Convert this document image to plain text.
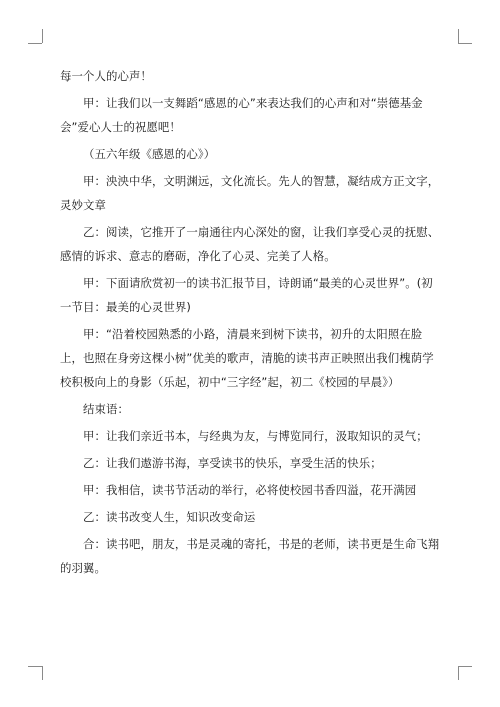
每一个人的心声！

甲：让我们以一支舞蹈“感恩的心”来表达我们的心声和对“崇德基金会”爱心人士的祝愿吧！

（五六年级《感恩的心》）

甲：泱泱中华，文明渊远，文化流长。先人的智慧，凝结成方正文字，灵妙文章

乙：阅读，它推开了一扇通往内心深处的窗，让我们享受心灵的抚慰、感情的诉求、意志的磨砺，净化了心灵、完美了人格。

甲：下面请欣赏初一的读书汇报节目，诗朗诵“最美的心灵世界”。(初一节目：最美的心灵世界)

甲：“沿着校园熟悉的小路，清晨来到树下读书，初升的太阳照在脸上，也照在身旁这棵小树”优美的歌声，清脆的读书声正映照出我们槐荫学校积极向上的身影（乐起，初中“三字经”起，初二《校园的早晨》）

结束语：

甲：让我们亲近书本，与经典为友，与博览同行，汲取知识的灵气；

乙：让我们遨游书海，享受读书的快乐，享受生活的快乐；

甲：我相信，读书节活动的举行，必将使校园书香四溢，花开满园

乙：读书改变人生，知识改变命运

合：读书吧，朋友，书是灵魂的寄托，书是的老师，读书更是生命飞翔的羽翼。
